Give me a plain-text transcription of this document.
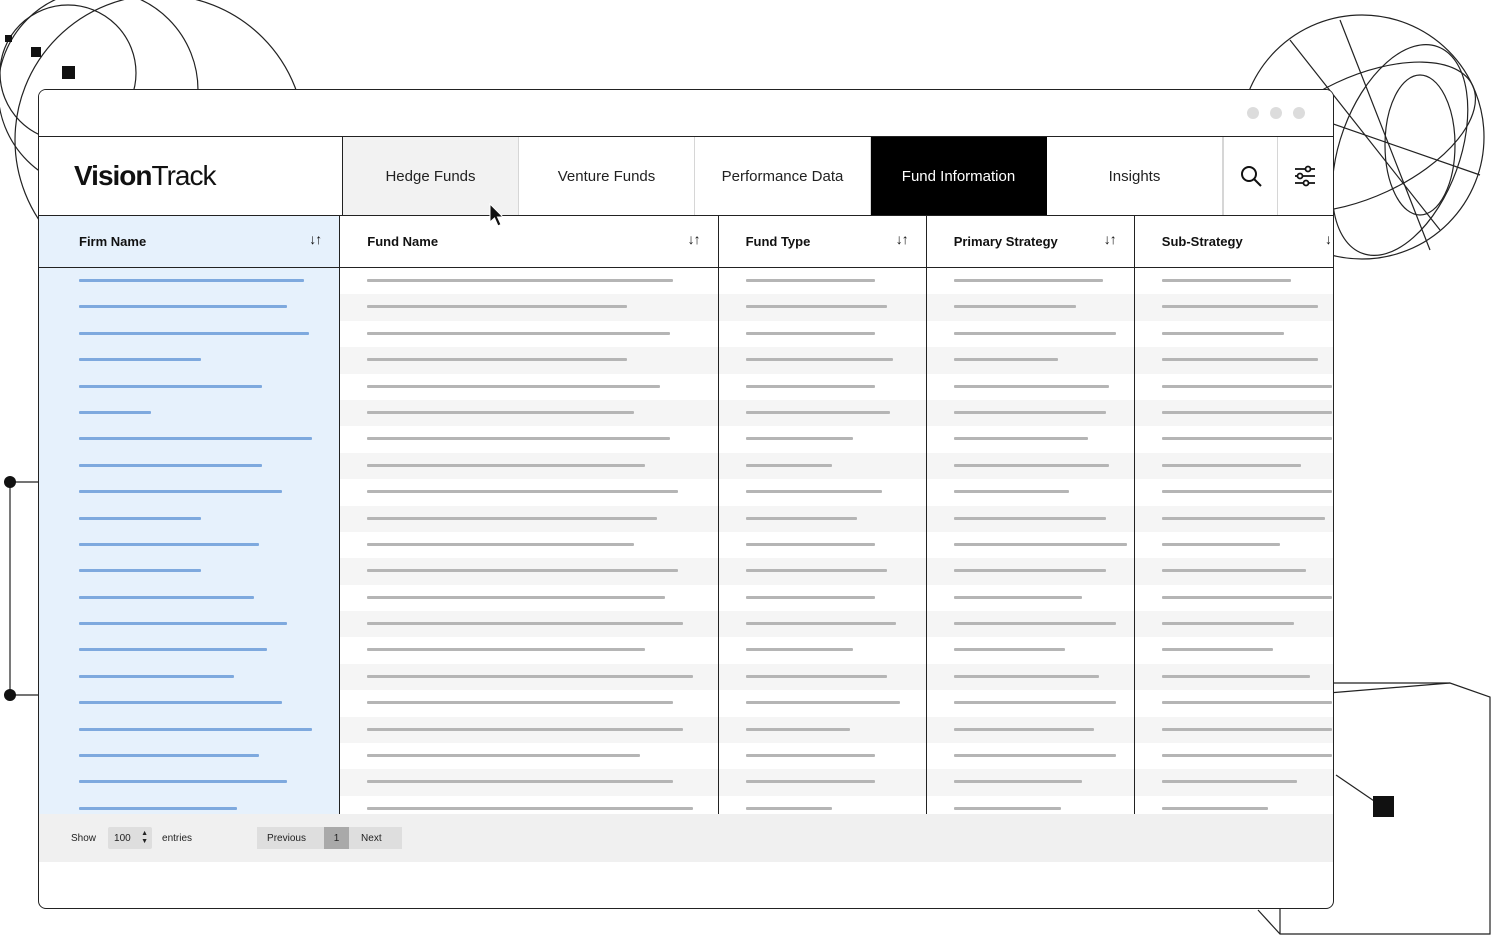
Vision Track	Hedge Funds	Venture Funds	Performance Data	Fund Information	Insights
Firm Name	↓↑	Fund Name	↓↑	Fund Type	↓↑	Primary Strategy	↓↑	Sub-Strategy	↓
Show 100 ▲
▼ entries	Previous	1	Next
